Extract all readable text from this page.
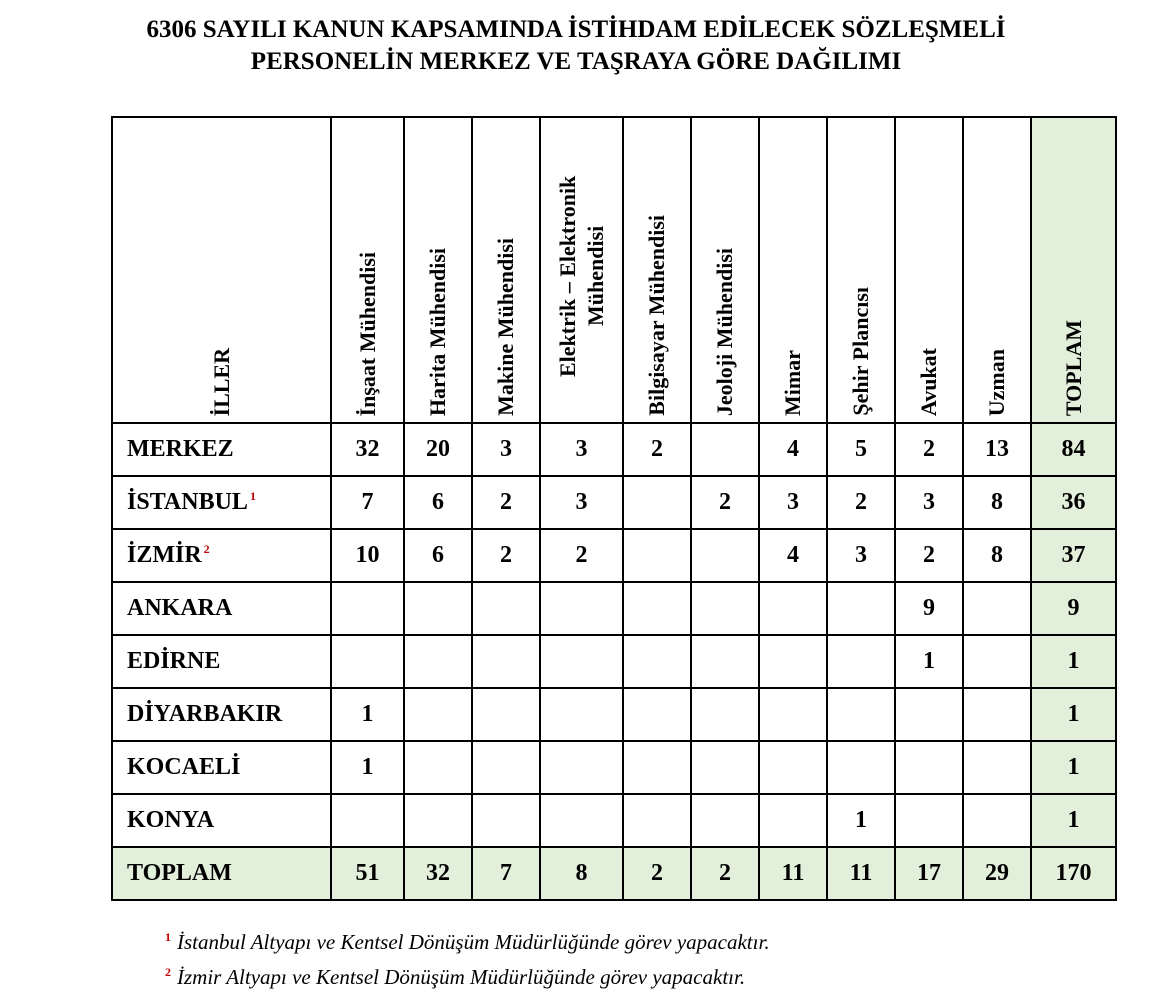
6306 SAYILI KANUN KAPSAMINDA İSTİHDAM EDİLECEK SÖZLEŞMELİ
PERSONELİN MERKEZ VE TAŞRAYA GÖRE DAĞILIMI
İLLER	İnşaat Mühendisi	Harita Mühendisi	Makine Mühendisi	Elektrik – Elektronik Mühendisi	Bilgisayar Mühendisi	Jeoloji Mühendisi	Mimar	Şehir Plancısı	Avukat	Uzman	TOPLAM

MERKEZ	32	20	3	3	2		4	5	2	13	84
İSTANBUL $^1$	7	6	2	3		2	3	2	3	8	36
İZMİR $^2$	10	6	2	2			4	3	2	8	37
ANKARA									9		9
EDİRNE									1		1
DİYARBAKIR	1										1
KOCAELİ	1										1
KONYA								1			1
TOPLAM	51	32	7	8	2	2	11	11	17	29	170
$^1$ İstanbul Altyapı ve Kentsel Dönüşüm Müdürlüğünde görev yapacaktır.
$^2$ İzmir Altyapı ve Kentsel Dönüşüm Müdürlüğünde görev yapacaktır.
